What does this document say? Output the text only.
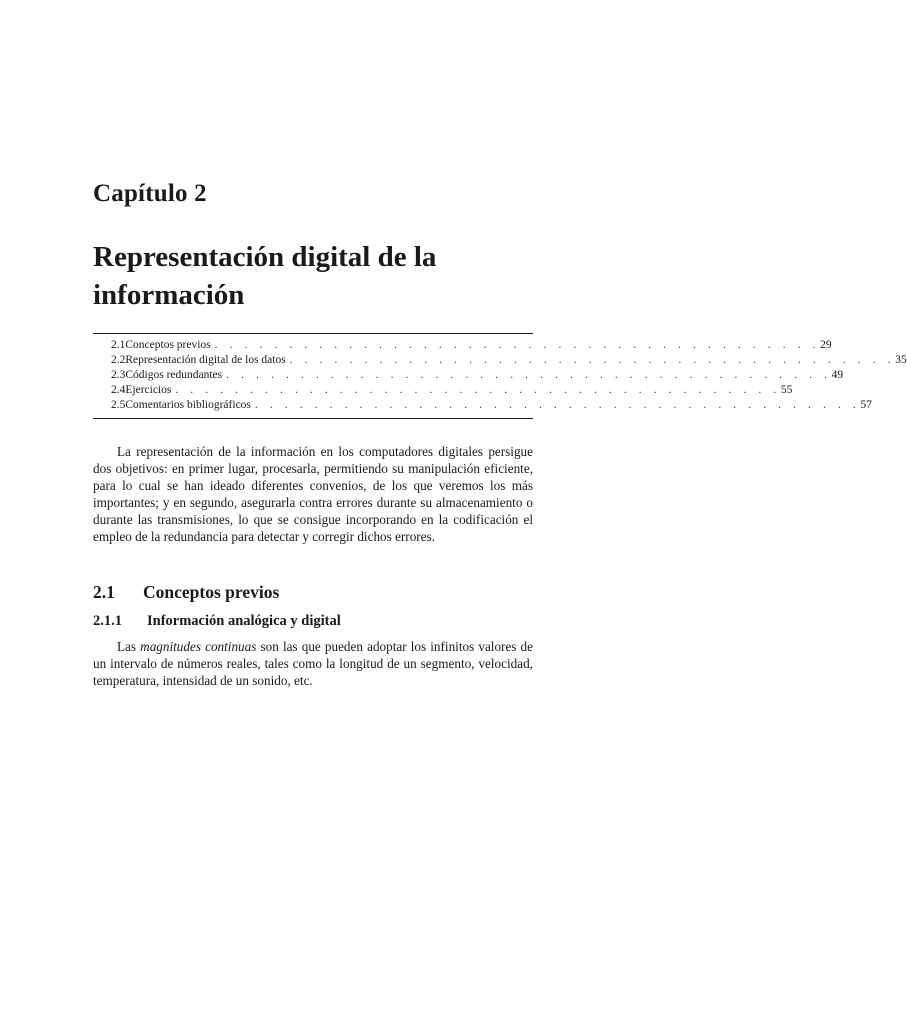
Capítulo 2
Representación digital de la información
2.1 Conceptos previos . . . . . . . . . . . . . . . . . . . . . . . . . . . . . . . . . . . . . . . . . 29
2.2 Representación digital de los datos . . . . . . . . . . . . . . . . . . . . . . . . . . . . . . . . . . . . . . . . . 35
2.3 Códigos redundantes . . . . . . . . . . . . . . . . . . . . . . . . . . . . . . . . . . . . . . . . . 49
2.4 Ejercicios . . . . . . . . . . . . . . . . . . . . . . . . . . . . . . . . . . . . . . . . . 55
2.5 Comentarios bibliográficos . . . . . . . . . . . . . . . . . . . . . . . . . . . . . . . . . . . . . . . . . 57

La representación de la información en los computadores digitales persigue dos objetivos: en primer lugar, procesarla, permitiendo su manipulación eficiente, para lo cual se han ideado diferentes convenios, de los que veremos los más importantes; y en segundo, asegurarla contra errores durante su almacenamiento o durante las transmisiones, lo que se consigue incorporando en la codificación el empleo de la redundancia para detectar y corregir dichos errores.

2.1 Conceptos previos
2.1.1 Información analógica y digital

Las magnitudes continuas son las que pueden adoptar los infinitos valores de un intervalo de números reales, tales como la longitud de un segmento, velocidad, temperatura, intensidad de un sonido, etc.
